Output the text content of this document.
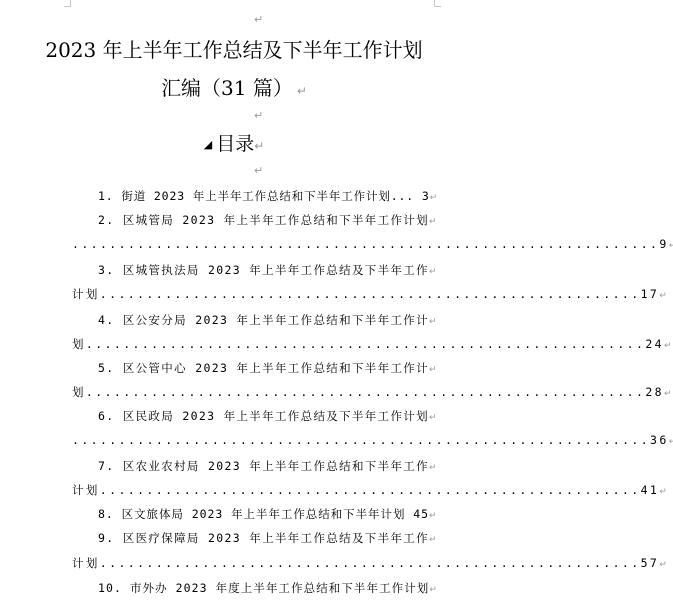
↵
2023 年上半年工作总结及下半年工作计划
汇编（31 篇） ↵
↵
◢ 目录↵
↵
1. 街道 2023 年上半年工作总结和下半年工作计划... 3↵
2. 区城管局 2023 年上半年工作总结和下半年工作计划↵
...............................................................9↵
3. 区城管执法局 2023 年上半年工作总结及下半年工作↵
计划..........................................................17↵
4. 区公安分局 2023 年上半年工作总结和下半年工作计↵
划............................................................24↵
5. 区公管中心 2023 年上半年工作总结和下半年工作计↵
划............................................................28↵
6. 区民政局 2023 年上半年工作总结及下半年工作计划↵
..............................................................36↵
7. 区农业农村局 2023 年上半年工作总结和下半年工作↵
计划..........................................................41↵
8. 区文旅体局 2023 年上半年工作总结和下半年计划 45↵
9. 区医疗保障局 2023 年上半年工作总结及下半年工作↵
计划..........................................................57↵
10. 市外办 2023 年度上半年工作总结和下半年工作计划↵
